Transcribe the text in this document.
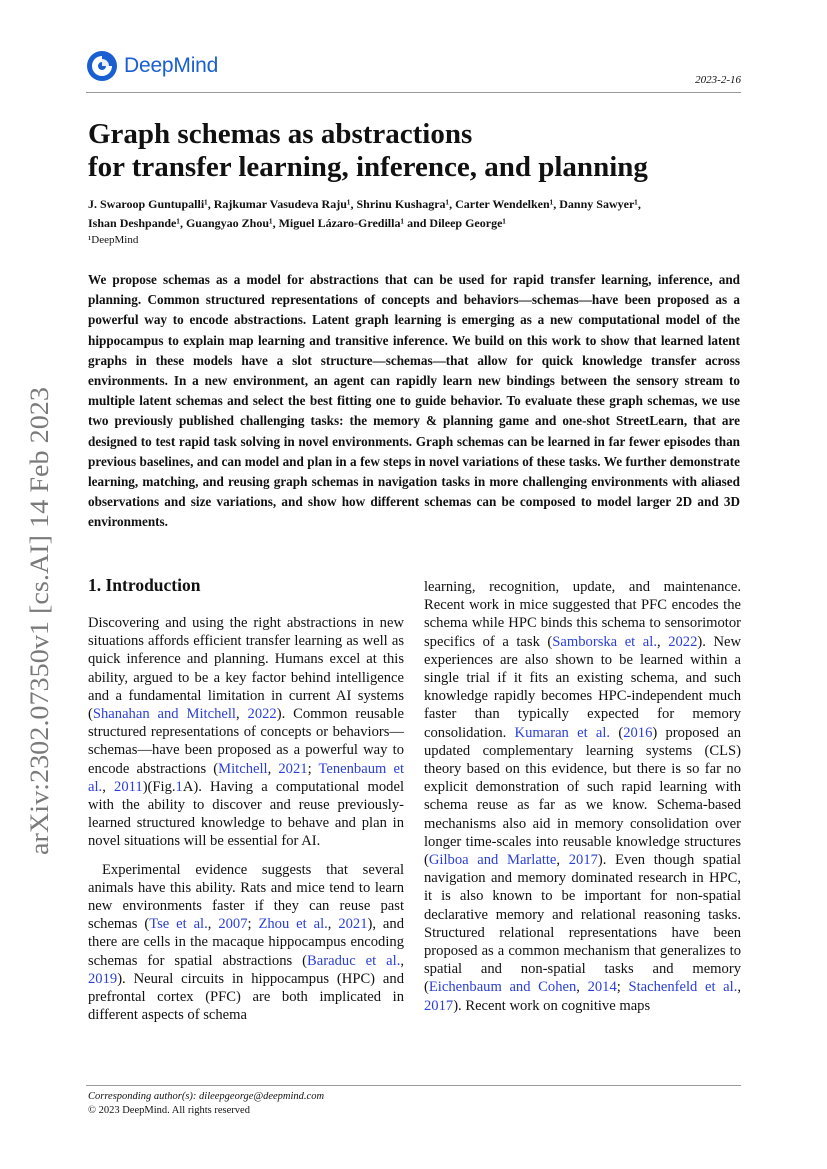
DeepMind
2023-2-16
arXiv:2302.07350v1 [cs.AI] 14 Feb 2023
Graph schemas as abstractions
for transfer learning, inference, and planning
J. Swaroop Guntupalli¹, Rajkumar Vasudeva Raju¹, Shrinu Kushagra¹, Carter Wendelken¹, Danny Sawyer¹,
Ishan Deshpande¹, Guangyao Zhou¹, Miguel Lázaro-Gredilla¹ and Dileep George¹
¹DeepMind
We propose schemas as a model for abstractions that can be used for rapid transfer learning, inference, and planning. Common structured representations of concepts and behaviors—schemas—have been proposed as a powerful way to encode abstractions. Latent graph learning is emerging as a new computational model of the hippocampus to explain map learning and transitive inference. We build on this work to show that learned latent graphs in these models have a slot structure—schemas—that allow for quick knowledge transfer across environments. In a new environment, an agent can rapidly learn new bindings between the sensory stream to multiple latent schemas and select the best fitting one to guide behavior. To evaluate these graph schemas, we use two previously published challenging tasks: the memory & planning game and one-shot StreetLearn, that are designed to test rapid task solving in novel environments. Graph schemas can be learned in far fewer episodes than previous baselines, and can model and plan in a few steps in novel variations of these tasks. We further demonstrate learning, matching, and reusing graph schemas in navigation tasks in more challenging environments with aliased observations and size variations, and show how different schemas can be composed to model larger 2D and 3D environments.
1. Introduction

Discovering and using the right abstractions in new situations affords efficient transfer learning as well as quick inference and planning. Humans excel at this ability, argued to be a key factor behind intelligence and a fundamental limitation in current AI systems (Shanahan and Mitchell, 2022). Common reusable structured representations of concepts or behaviors—schemas—have been proposed as a powerful way to encode abstractions (Mitchell, 2021; Tenenbaum et al., 2011)(Fig.1A). Having a computational model with the ability to discover and reuse previously-learned structured knowledge to behave and plan in novel situations will be essential for AI.

Experimental evidence suggests that several animals have this ability. Rats and mice tend to learn new environments faster if they can reuse past schemas (Tse et al., 2007; Zhou et al., 2021), and there are cells in the macaque hippocampus encoding schemas for spatial abstractions (Baraduc et al., 2019). Neural circuits in hippocampus (HPC) and prefrontal cortex (PFC) are both implicated in different aspects of schema

learning, recognition, update, and maintenance. Recent work in mice suggested that PFC encodes the schema while HPC binds this schema to sensorimotor specifics of a task (Samborska et al., 2022). New experiences are also shown to be learned within a single trial if it fits an existing schema, and such knowledge rapidly becomes HPC-independent much faster than typically expected for memory consolidation. Kumaran et al. (2016) proposed an updated complementary learning systems (CLS) theory based on this evidence, but there is so far no explicit demonstration of such rapid learning with schema reuse as far as we know. Schema-based mechanisms also aid in memory consolidation over longer time-scales into reusable knowledge structures (Gilboa and Marlatte, 2017). Even though spatial navigation and memory dominated research in HPC, it is also known to be important for non-spatial declarative memory and relational reasoning tasks. Structured relational representations have been proposed as a common mechanism that generalizes to spatial and non-spatial tasks and memory (Eichenbaum and Cohen, 2014; Stachenfeld et al., 2017). Recent work on cognitive maps

Corresponding author(s): dileepgeorge@deepmind.com
© 2023 DeepMind. All rights reserved
